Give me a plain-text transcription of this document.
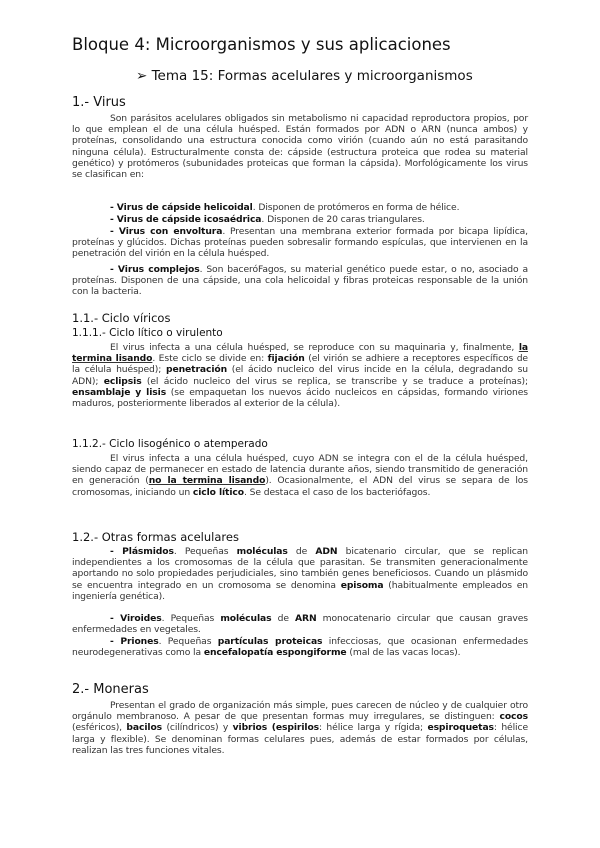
Bloque 4: Microorganismos y sus aplicaciones
➢ Tema 15: Formas acelulares y microorganismos
1.- Virus

Son parásitos acelulares obligados sin metabolismo ni capacidad reproductora propios, por lo que emplean el de una célula huésped. Están formados por ADN o ARN (nunca ambos) y proteínas, consolidando una estructura conocida como virión (cuando aún no está parasitando ninguna célula). Estructuralmente consta de: cápside (estructura proteica que rodea su material genético) y protómeros (subunidades proteicas que forman la cápsida). Morfológicamente los virus se clasifican en:

- Virus de cápside helicoidal. Disponen de protómeros en forma de hélice.

- Virus de cápside icosaédrica. Disponen de 20 caras triangulares.

- Virus con envoltura. Presentan una membrana exterior formada por bicapa lipídica, proteínas y glúcidos. Dichas proteínas pueden sobresalir formando espículas, que intervienen en la penetración del virión en la célula huésped.

- Virus complejos. Son baceróFagos, su material genético puede estar, o no, asociado a proteínas. Disponen de una cápside, una cola helicoidal y fibras proteicas responsable de la unión con la bacteria.

1.1.- Ciclo víricos
1.1.1.- Ciclo lítico o virulento

El virus infecta a una célula huésped, se reproduce con su maquinaria y, finalmente, la termina lisando. Este ciclo se divide en: fijación (el virión se adhiere a receptores específicos de la célula huésped); penetración (el ácido nucleico del virus incide en la célula, degradando su ADN); eclipsis (el ácido nucleico del virus se replica, se transcribe y se traduce a proteínas); ensamblaje y lisis (se empaquetan los nuevos ácido nucleicos en cápsidas, formando viriones maduros, posteriormente liberados al exterior de la célula).

1.1.2.- Ciclo lisogénico o atemperado

El virus infecta a una célula huésped, cuyo ADN se integra con el de la célula huésped, siendo capaz de permanecer en estado de latencia durante años, siendo transmitido de generación en generación (no la termina lisando). Ocasionalmente, el ADN del virus se separa de los cromosomas, iniciando un ciclo lítico. Se destaca el caso de los bacteriófagos.

1.2.- Otras formas acelulares

- Plásmidos. Pequeñas moléculas de ADN bicatenario circular, que se replican independientes a los cromosomas de la célula que parasitan. Se transmiten generacionalmente aportando no solo propiedades perjudiciales, sino también genes beneficiosos. Cuando un plásmido se encuentra integrado en un cromosoma se denomina episoma (habitualmente empleados en ingeniería genética).

- Viroides. Pequeñas moléculas de ARN monocatenario circular que causan graves enfermedades en vegetales.

- Priones. Pequeñas partículas proteicas infecciosas, que ocasionan enfermedades neurodegenerativas como la encefalopatía espongiforme (mal de las vacas locas).

2.- Moneras

Presentan el grado de organización más simple, pues carecen de núcleo y de cualquier otro orgánulo membranoso. A pesar de que presentan formas muy irregulares, se distinguen: cocos (esféricos), bacilos (cilíndricos) y vibrios (espirilos: hélice larga y rígida; espiroquetas: hélice larga y flexible). Se denominan formas celulares pues, además de estar formados por células, realizan las tres funciones vitales.
